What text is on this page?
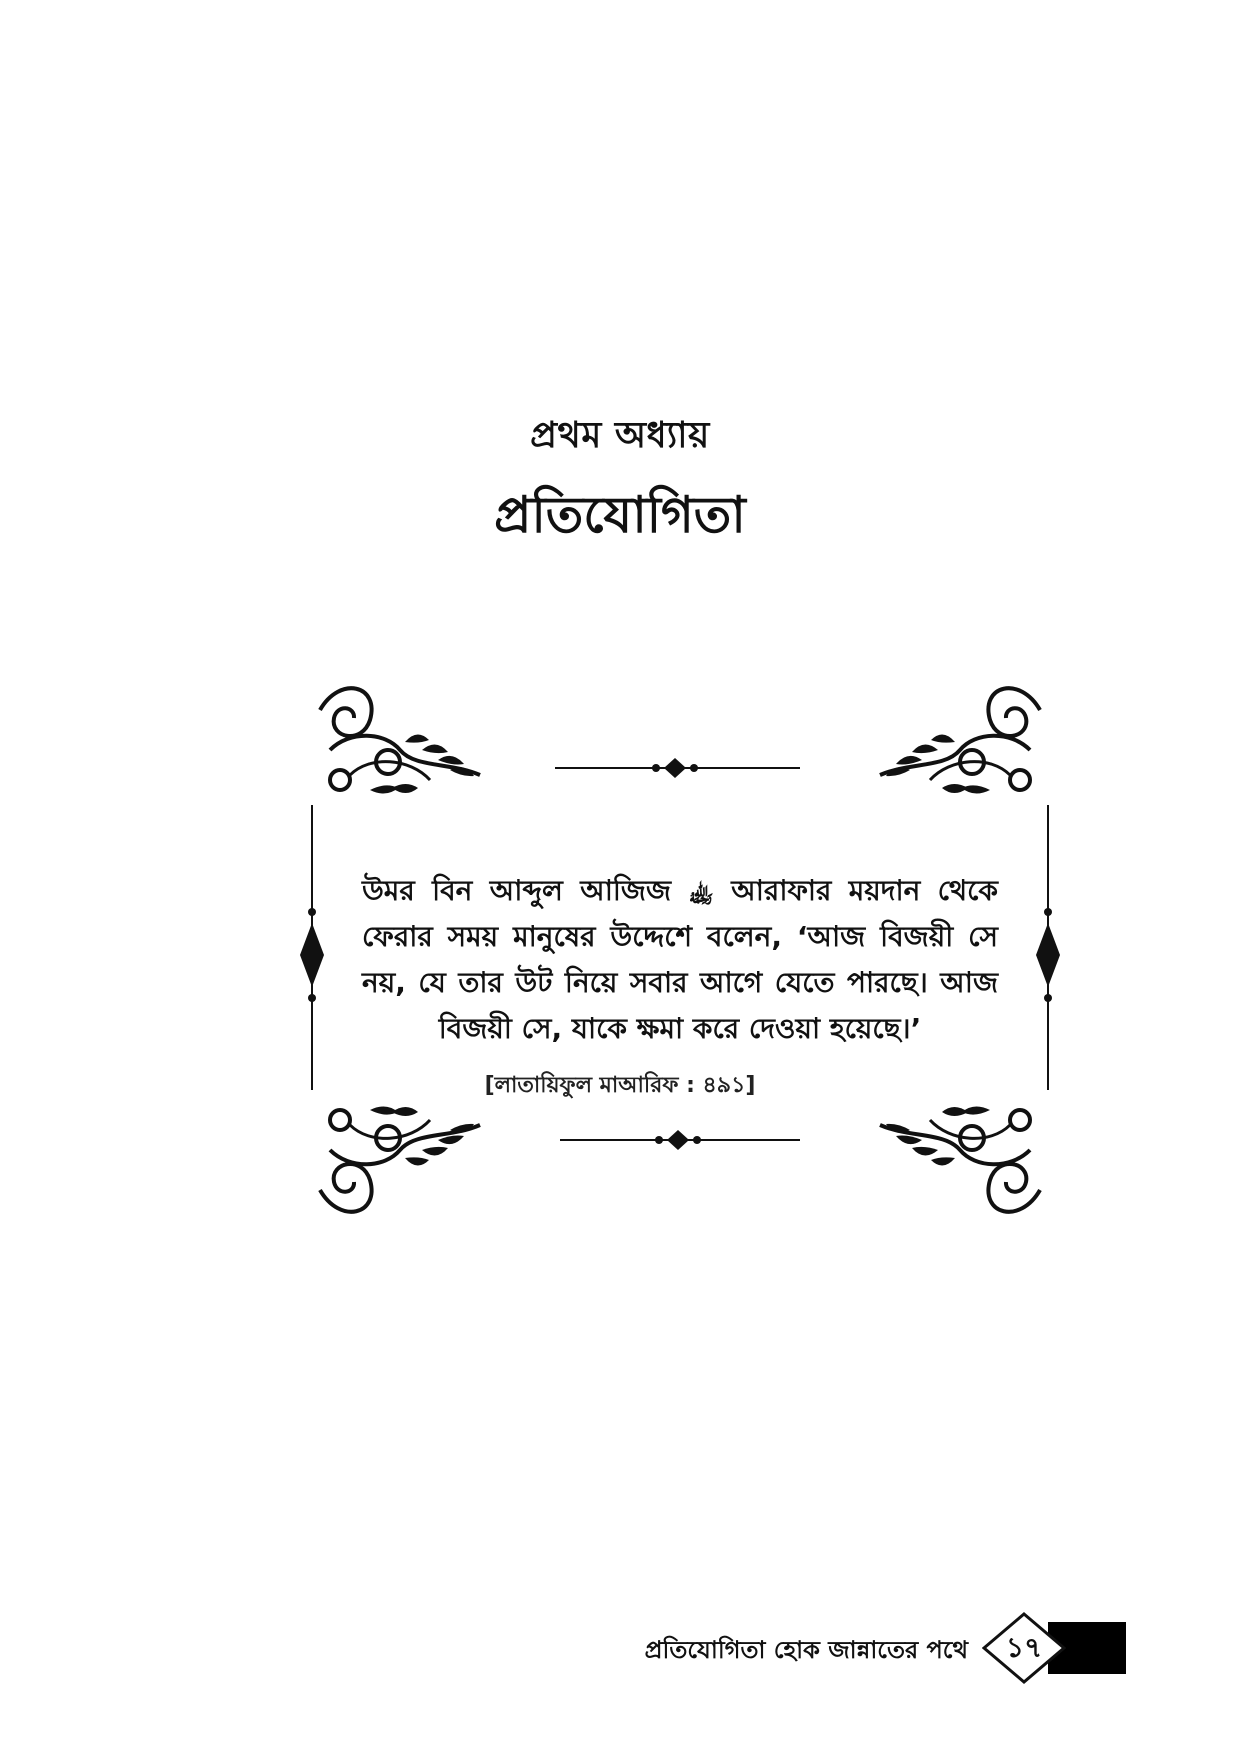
প্রথম অধ্যায়
প্রতিযোগিতা
উমর বিন আব্দুল আজিজ ﵀ আরাফার ময়দান থেকে ফেরার সময় মানুষের উদ্দেশে বলেন, ‘আজ বিজয়ী সে নয়, যে তার উট নিয়ে সবার আগে যেতে পারছে। আজ বিজয়ী সে, যাকে ক্ষমা করে দেওয়া হয়েছে।’
[লাতায়িফুল মাআরিফ : ৪৯১]
প্রতিযোগিতা হোক জান্নাতের পথে	১৭
